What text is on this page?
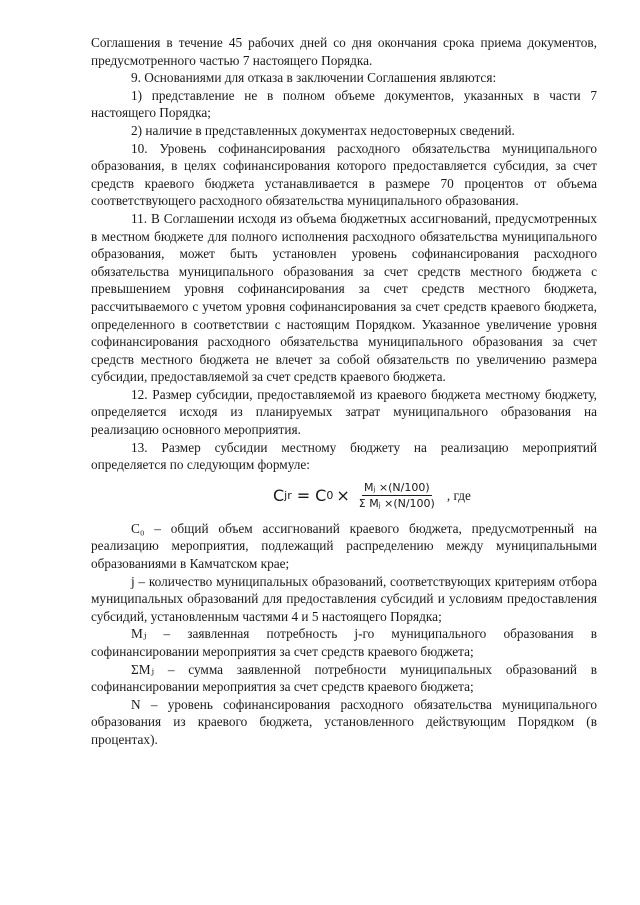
Соглашения в течение 45 рабочих дней со дня окончания срока приема документов, предусмотренного частью 7 настоящего Порядка.

9. Основаниями для отказа в заключении Соглашения являются:

1) представление не в полном объеме документов, указанных в части 7 настоящего Порядка;

2) наличие в представленных документах недостоверных сведений.

10. Уровень софинансирования расходного обязательства муниципального образования, в целях софинансирования которого предоставляется субсидия, за счет средств краевого бюджета устанавливается в размере 70 процентов от объема соответствующего расходного обязательства муниципального образования.

11. В Соглашении исходя из объема бюджетных ассигнований, предусмотренных в местном бюджете для полного исполнения расходного обязательства муниципального образования, может быть установлен уровень софинансирования расходного обязательства муниципального образования за счет средств местного бюджета с превышением уровня софинансирования за счет средств местного бюджета, рассчитываемого с учетом уровня софинансирования за счет средств краевого бюджета, определенного в соответствии с настоящим Порядком. Указанное увеличение уровня софинансирования расходного обязательства муниципального образования за счет средств местного бюджета не влечет за собой обязательств по увеличению размера субсидии, предоставляемой за счет средств краевого бюджета.

12. Размер субсидии, предоставляемой из краевого бюджета местному бюджету, определяется исходя из планируемых затрат муниципального образования на реализацию основного мероприятия.

13. Размер субсидии местному бюджету на реализацию мероприятий определяется по следующим формуле:

C jr = C $0 \times \frac{\text{Mⱼ ×(N/100)}}{\text{Σ Mⱼ ×(N/100)}}$ , где

C₀ – общий объем ассигнований краевого бюджета, предусмотренный на реализацию мероприятия, подлежащий распределению между муниципальными образованиями в Камчатском крае;

j – количество муниципальных образований, соответствующих критериям отбора муниципальных образований для предоставления субсидий и условиям предоставления субсидий, установленным частями 4 и 5 настоящего Порядка;

Mⱼ – заявленная потребность j-го муниципального образования в софинансировании мероприятия за счет средств краевого бюджета;

ΣMⱼ – сумма заявленной потребности муниципальных образований в софинансировании мероприятия за счет средств краевого бюджета;

N – уровень софинансирования расходного обязательства муниципального образования из краевого бюджета, установленного действующим Порядком (в процентах).
